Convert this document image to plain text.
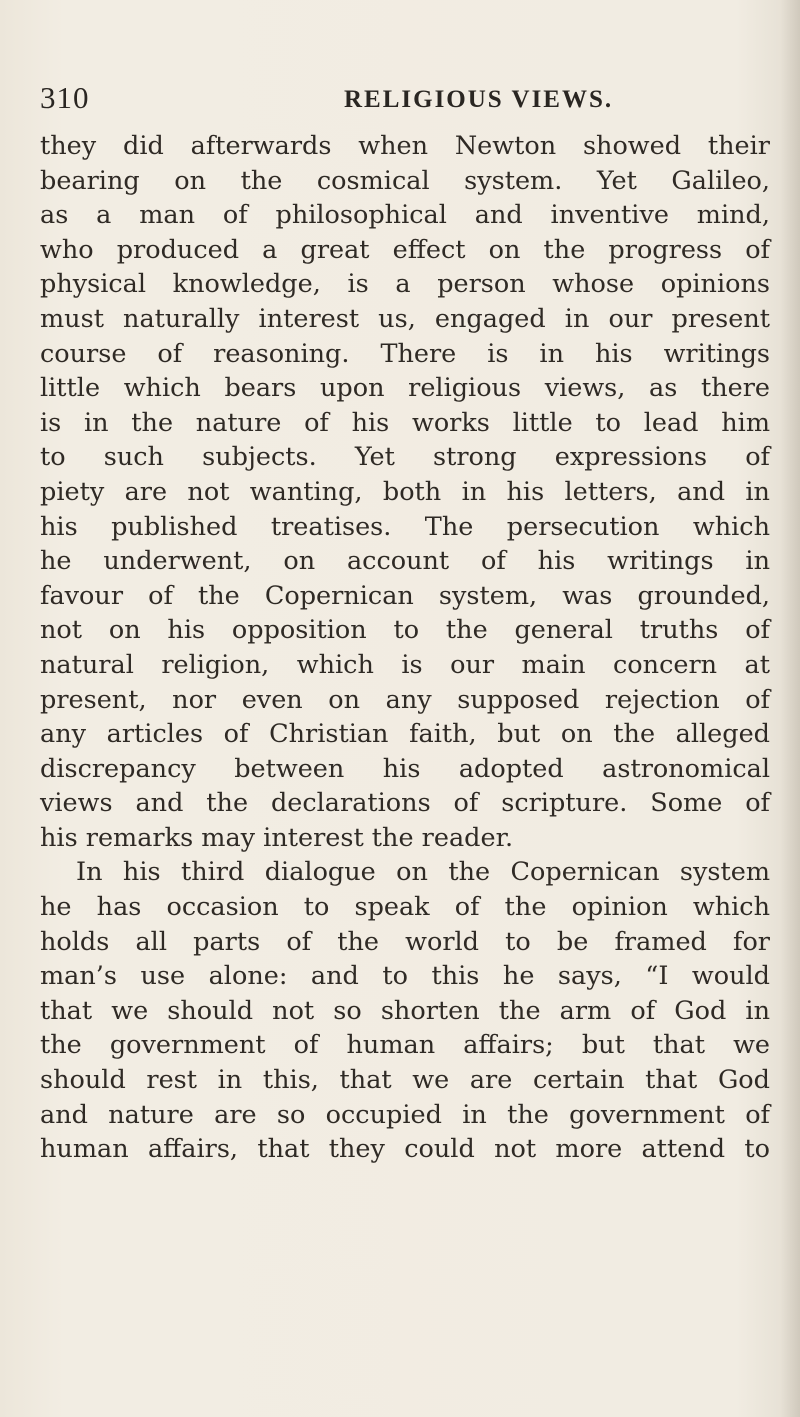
310	RELIGIOUS VIEWS.
they did afterwards when Newton showed their
bearing on the cosmical system. Yet Galileo,
as a man of philosophical and inventive mind,
who produced a great effect on the progress of
physical knowledge, is a person whose opinions
must naturally interest us, engaged in our present
course of reasoning. There is in his writings
little which bears upon religious views, as there
is in the nature of his works little to lead him
to such subjects. Yet strong expressions of
piety are not wanting, both in his letters, and in
his published treatises. The persecution which
he underwent, on account of his writings in
favour of the Copernican system, was grounded,
not on his opposition to the general truths of
natural religion, which is our main concern at
present, nor even on any supposed rejection of
any articles of Christian faith, but on the alleged
discrepancy between his adopted astronomical
views and the declarations of scripture. Some of
his remarks may interest the reader.
In his third dialogue on the Copernican system
he has occasion to speak of the opinion which
holds all parts of the world to be framed for
man’s use alone: and to this he says, “I would
that we should not so shorten the arm of God in
the government of human affairs; but that we
should rest in this, that we are certain that God
and nature are so occupied in the government of
human affairs, that they could not more attend to
